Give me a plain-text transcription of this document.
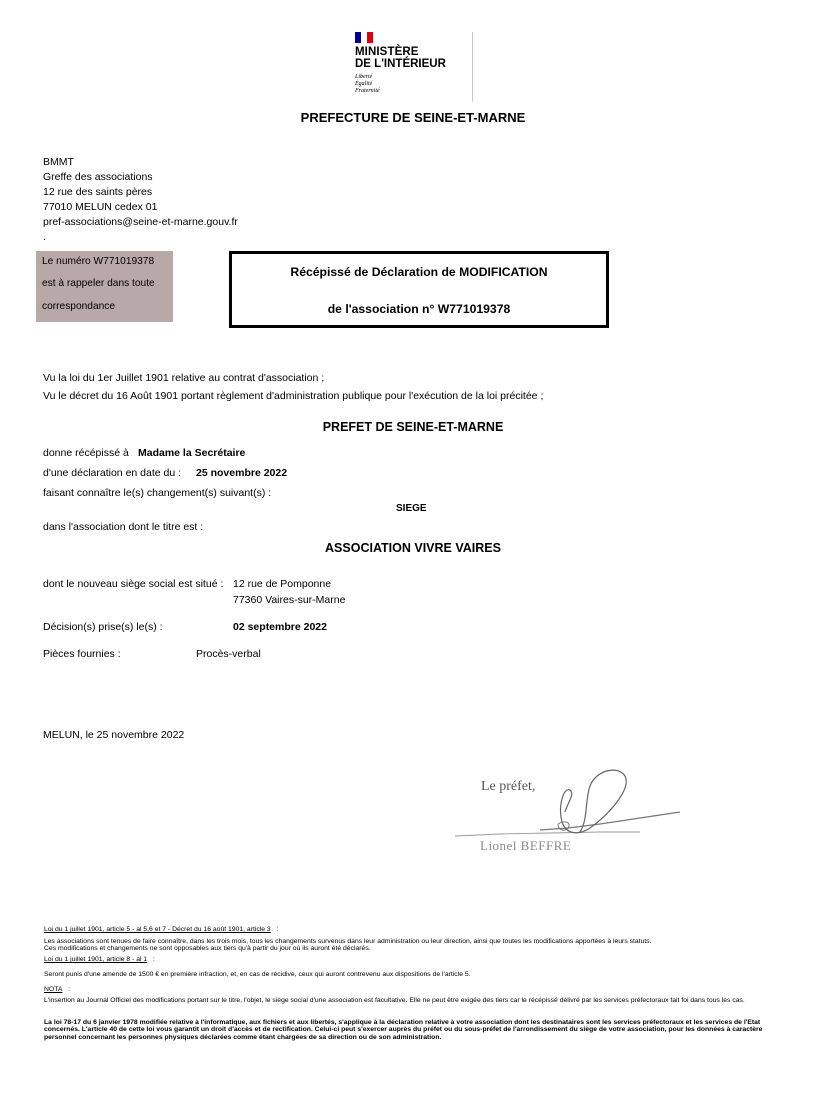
MINISTÈRE
DE L'INTÉRIEUR
Liberté
Égalité
Fraternité
PREFECTURE DE SEINE-ET-MARNE
BMMT
Greffe des associations
12 rue des saints pères
77010 MELUN cedex 01
pref-associations@seine-et-marne.gouv.fr
.
Le numéro W771019378
est à rappeler dans toute
correspondance
Récépissé de Déclaration de MODIFICATION
de l'association n° W771019378
Vu la loi du 1er Juillet 1901 relative au contrat d'association ;
Vu le décret du 16 Août 1901 portant règlement d'administration publique pour l'exécution de la loi précitée ;
PREFET DE SEINE-ET-MARNE
donne récépissé à Madame la Secrétaire
d'une déclaration en date du : 25 novembre 2022
faisant connaître le(s) changement(s) suivant(s) :
SIEGE
dans l'association dont le titre est :
ASSOCIATION VIVRE VAIRES
dont le nouveau siège social est situé : 12 rue de Pomponne
77360 Vaires-sur-Marne
Décision(s) prise(s) le(s) :	02 septembre 2022
Pièces fournies :	Procès-verbal
MELUN, le 25 novembre 2022
Le préfet,
Lionel BEFFRE
Loi du 1 juillet 1901, article 5 - al 5,6 et 7 - Décret du 16 août 1901, article 3 :
Les associations sont tenues de faire connaître, dans les trois mois, tous les changements survenus dans leur administration ou leur direction, ainsi que toutes les modifications apportées à leurs statuts.
Ces modifications et changements ne sont opposables aux tiers qu'à partir du jour où ils auront été déclarés.
Loi du 1 juillet 1901, article 8 - al 1 :
Seront punis d'une amende de 1500 € en première infraction, et, en cas de récidive, ceux qui auront contrevenu aux dispositions de l'article 5.
NOTA :
L'insertion au Journal Officiel des modifications portant sur le titre, l'objet, le siège social d'une association est facultative. Elle ne peut être exigée des tiers car le récépissé délivré par les services préfectoraux fait foi dans tous les cas.
La loi 78-17 du 6 janvier 1978 modifiée relative à l'informatique, aux fichiers et aux libertés, s'applique à la déclaration relative à votre association dont les destinataires sont les services préfectoraux et les services de l'Etat concernés. L'article 40 de cette loi vous garantit un droit d'accès et de rectification. Celui-ci peut s'exercer auprès du préfet ou du sous-préfet de l'arrondissement du siège de votre association, pour les données à caractère personnel concernant les personnes physiques déclarées comme étant chargées de sa direction ou de son administration.
